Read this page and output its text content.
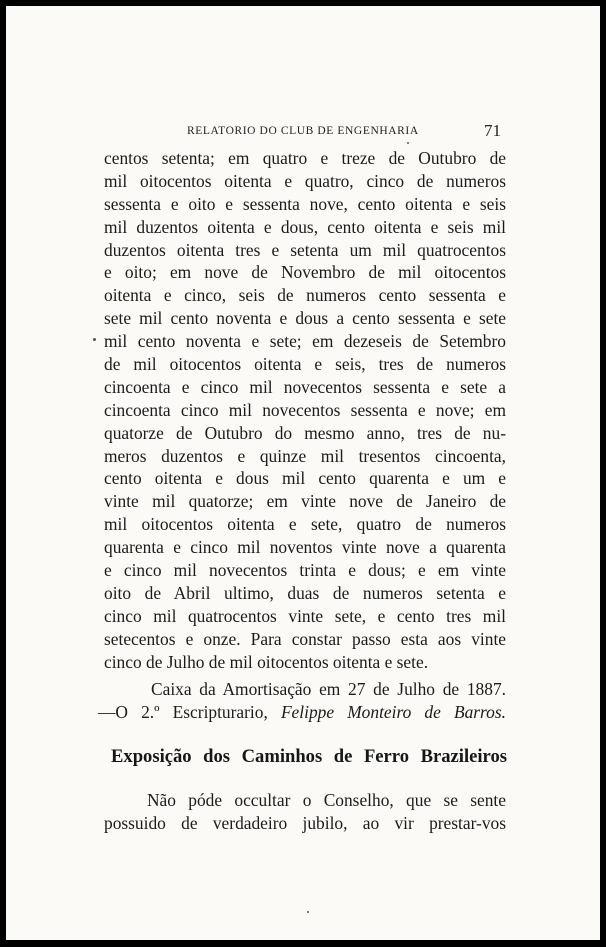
RELATORIO DO CLUB DE ENGENHARIA	71
centos setenta; em quatro e treze de Outubro de
mil oitocentos oitenta e quatro, cinco de numeros
sessenta e oito e sessenta nove, cento oitenta e seis
mil duzentos oitenta e dous, cento oitenta e seis mil
duzentos oitenta tres e setenta um mil quatrocentos
e oito; em nove de Novembro de mil oitocentos
oitenta e cinco, seis de numeros cento sessenta e
sete mil cento noventa e dous a cento sessenta e sete
mil cento noventa e sete; em dezeseis de Setembro
de mil oitocentos oitenta e seis, tres de numeros
cincoenta e cinco mil novecentos sessenta e sete a
cincoenta cinco mil novecentos sessenta e nove; em
quatorze de Outubro do mesmo anno, tres de nu-
meros duzentos e quinze mil tresentos cincoenta,
cento oitenta e dous mil cento quarenta e um e
vinte mil quatorze; em vinte nove de Janeiro de
mil oitocentos oitenta e sete, quatro de numeros
quarenta e cinco mil noventos vinte nove a quarenta
e cinco mil novecentos trinta e dous; e em vinte
oito de Abril ultimo, duas de numeros setenta e
cinco mil quatrocentos vinte sete, e cento tres mil
setecentos e onze. Para constar passo esta aos vinte
cinco de Julho de mil oitocentos oitenta e sete.
Caixa da Amortisação em 27 de Julho de 1887.
—O 2.º Escripturario, Felippe Monteiro de Barros.
Exposição dos Caminhos de Ferro Brazileiros
Não póde occultar o Conselho, que se sente
possuido de verdadeiro jubilo, ao vir prestar-vos
